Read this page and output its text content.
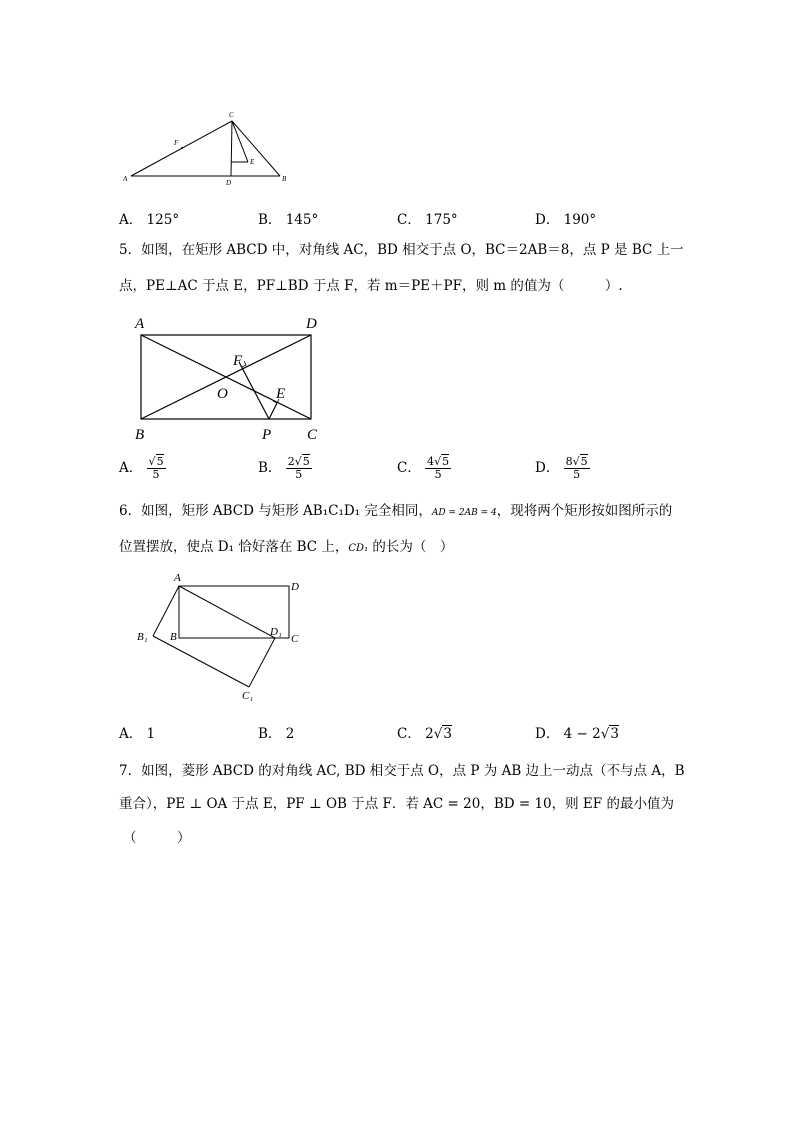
C
F
A	D	B
E
A． 125°	B． 145°	C． 175°	D． 190°
5．如图，在矩形 ABCD 中，对角线 AC，BD 相交于点 O，BC＝2AB＝8，点 P 是 BC 上一
点，PE⊥AC 于点 E，PF⊥BD 于点 F，若 m＝PE＋PF，则 m 的值为（　　　）.
A	D
B	P C
F
O	E
A． $\frac{√5}{5}$	B． $\frac{2√5}{5}$	C． $\frac{4√5}{5}$	D． $\frac{8√5}{5}$
6．如图，矩形 ABCD 与矩形 AB₁C₁D₁ 完全相同，AD = 2AB = 4，现将两个矩形按如图所示的
位置摆放，使点 D₁ 恰好落在 BC 上，CD₁ 的长为（　）
A
D
B₁ B	D₁
C
C₁
A． 1	B． 2	C． 2√3	D． 4 − 2√3
7．如图，菱形 ABCD 的对角线 AC, BD 相交于点 O，点 P 为 AB 边上一动点（不与点 A，B
重合），PE ⊥ OA 于点 E，PF ⊥ OB 于点 F．若 AC = 20，BD = 10，则 EF 的最小值为
（　　　）
